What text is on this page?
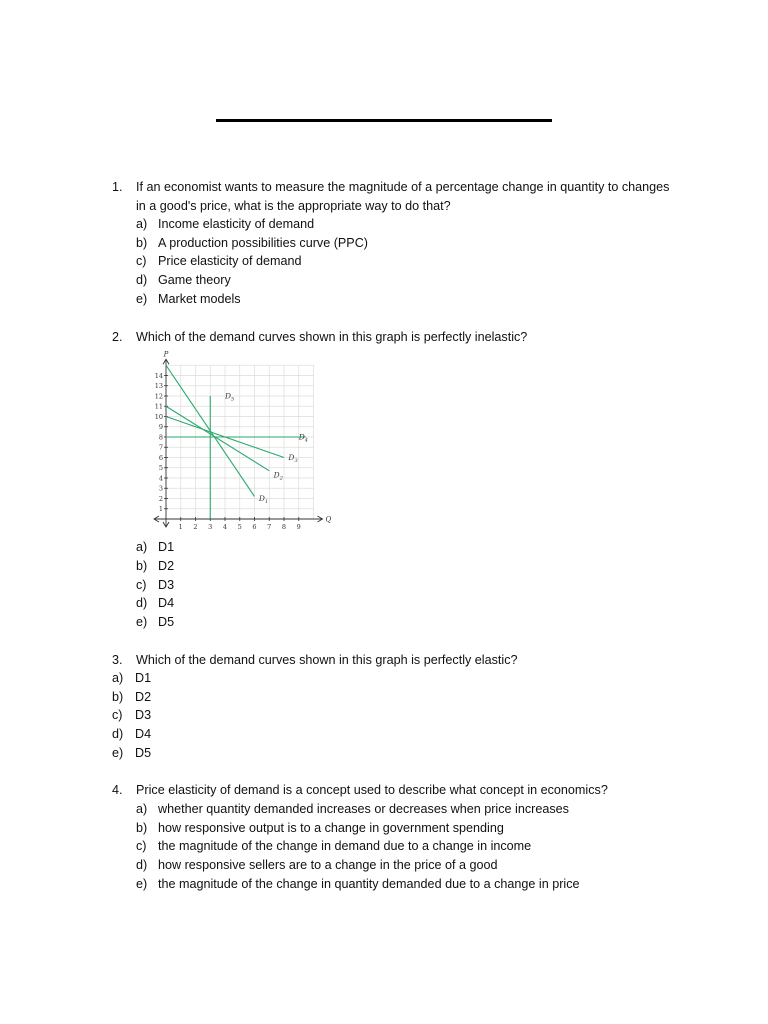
1. If an economist wants to measure the magnitude of a percentage change in quantity to changes
in a good's price, what is the appropriate way to do that?
a) Income elasticity of demand
b) A production possibilities curve (PPC)
c) Price elasticity of demand
d) Game theory
e) Market models
2. Which of the demand curves shown in this graph is perfectly inelastic?
1 2 3 4 5 6 7 8 9
1
2
3
4
5
6
7
8
9
10
11
12
13
14
Q
P
$D_5$
$D_4$
$D_3$
$D_2$
$D_1$
a) D1
b) D2
c) D3
d) D4
e) D5
3. Which of the demand curves shown in this graph is perfectly elastic?
a) D1
b) D2
c) D3
d) D4
e) D5
4. Price elasticity of demand is a concept used to describe what concept in economics?
a) whether quantity demanded increases or decreases when price increases
b) how responsive output is to a change in government spending
c) the magnitude of the change in demand due to a change in income
d) how responsive sellers are to a change in the price of a good
e) the magnitude of the change in quantity demanded due to a change in price
